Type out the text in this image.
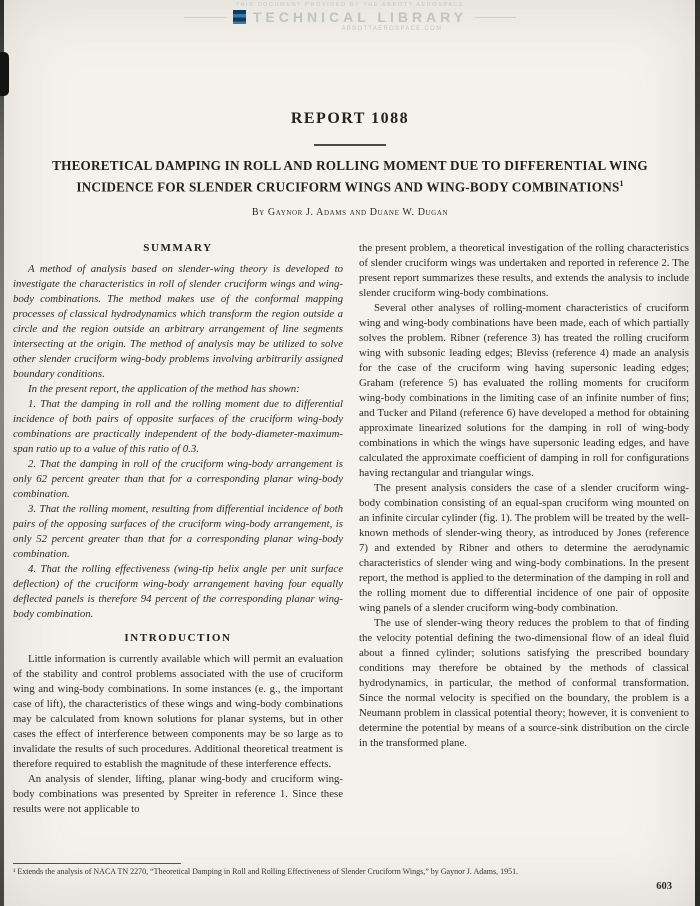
THIS DOCUMENT PROVIDED BY THE ABBOTT AEROSPACE
TECHNICAL LIBRARY
ABBOTTAEROSPACE.COM
REPORT 1088
THEORETICAL DAMPING IN ROLL AND ROLLING MOMENT DUE TO DIFFERENTIAL WING
INCIDENCE FOR SLENDER CRUCIFORM WINGS AND WING-BODY COMBINATIONS$^1$
By Gaynor J. Adams and Duane W. Dugan
SUMMARY

A method of analysis based on slender-wing theory is developed to investigate the characteristics in roll of slender cruciform wings and wing-body combinations. The method makes use of the conformal mapping processes of classical hydrodynamics which transform the region outside a circle and the region outside an arbitrary arrangement of line segments intersecting at the origin. The method of analysis may be utilized to solve other slender cruciform wing-body problems involving arbitrarily assigned boundary conditions.

In the present report, the application of the method has shown:

1. That the damping in roll and the rolling moment due to differential incidence of both pairs of opposite surfaces of the cruciform wing-body combinations are practically independent of the body-diameter-maximum-span ratio up to a value of this ratio of 0.3.

2. That the damping in roll of the cruciform wing-body arrangement is only 62 percent greater than that for a corresponding planar wing-body combination.

3. That the rolling moment, resulting from differential incidence of both pairs of the opposing surfaces of the cruciform wing-body arrangement, is only 52 percent greater than that for a corresponding planar wing-body combination.

4. That the rolling effectiveness (wing-tip helix angle per unit surface deflection) of the cruciform wing-body arrangement having four equally deflected panels is therefore 94 percent of the corresponding planar wing-body combination.

INTRODUCTION

Little information is currently available which will permit an evaluation of the stability and control problems associated with the use of cruciform wing and wing-body combinations. In some instances (e. g., the important case of lift), the characteristics of these wings and wing-body combinations may be calculated from known solutions for planar systems, but in other cases the effect of interference between components may be so large as to invalidate the results of such procedures. Additional theoretical treatment is therefore required to establish the magnitude of these interference effects.

An analysis of slender, lifting, planar wing-body and cruciform wing-body combinations was presented by Spreiter in reference 1. Since these results were not applicable to

the present problem, a theoretical investigation of the rolling characteristics of slender cruciform wings was undertaken and reported in reference 2. The present report summarizes these results, and extends the analysis to include slender cruciform wing-body combinations.

Several other analyses of rolling-moment characteristics of cruciform wing and wing-body combinations have been made, each of which partially solves the problem. Ribner (reference 3) has treated the rolling cruciform wing with subsonic leading edges; Bleviss (reference 4) made an analysis for the case of the cruciform wing having supersonic leading edges; Graham (reference 5) has evaluated the rolling moments for cruciform wing-body combinations in the limiting case of an infinite number of fins; and Tucker and Piland (reference 6) have developed a method for obtaining approximate linearized solutions for the damping in roll of wing-body combinations in which the wings have supersonic leading edges, and have calculated the approximate coefficient of damping in roll for configurations having rectangular and triangular wings.

The present analysis considers the case of a slender cruciform wing-body combination consisting of an equal-span cruciform wing mounted on an infinite circular cylinder (fig. 1). The problem will be treated by the well-known methods of slender-wing theory, as introduced by Jones (reference 7) and extended by Ribner and others to determine the aerodynamic characteristics of slender wing and wing-body combinations. In the present report, the method is applied to the determination of the damping in roll and the rolling moment due to differential incidence of one pair of opposite wing panels of a slender cruciform wing-body combination.

The use of slender-wing theory reduces the problem to that of finding the velocity potential defining the two-dimensional flow of an ideal fluid about a finned cylinder; solutions satisfying the prescribed boundary conditions may therefore be obtained by the methods of classical hydrodynamics, in particular, the method of conformal transformation. Since the normal velocity is specified on the boundary, the problem is a Neumann problem in classical potential theory; however, it is convenient to determine the potential by means of a source-sink distribution on the circle in the transformed plane.

¹ Extends the analysis of NACA TN 2270, “Theoretical Damping in Roll and Rolling Effectiveness of Slender Cruciform Wings,” by Gaynor J. Adams, 1951.
603
